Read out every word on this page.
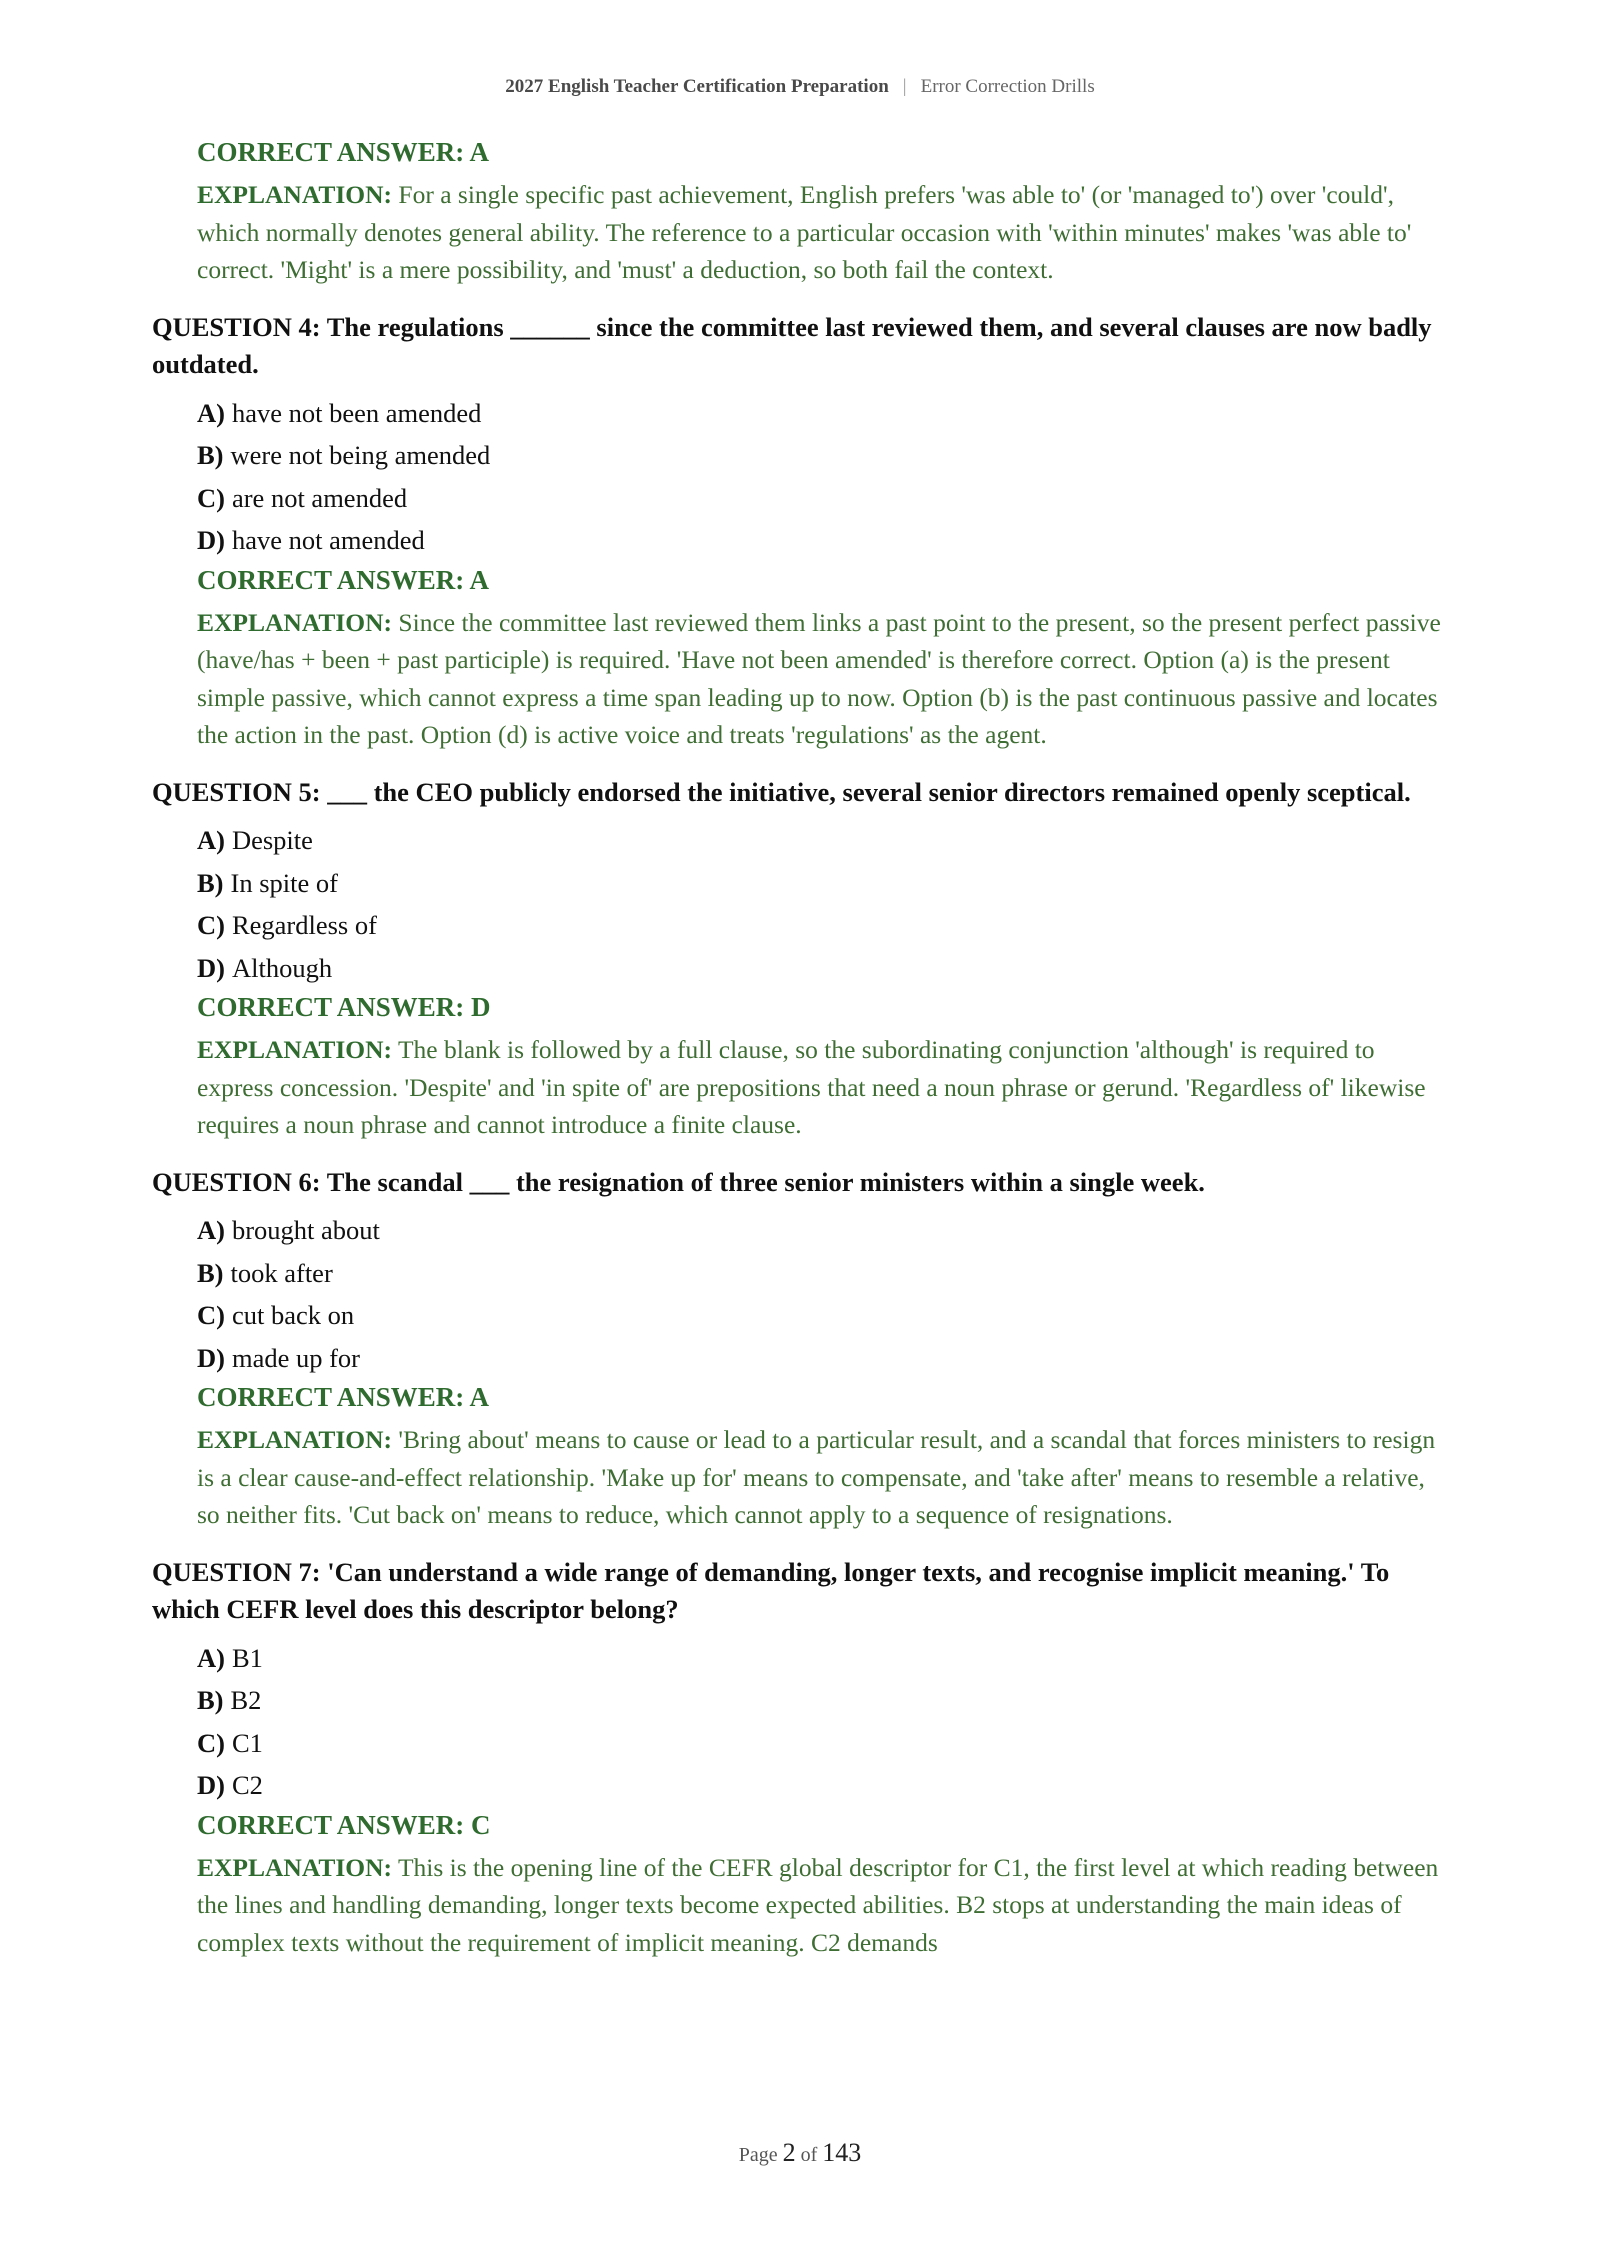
2027 English Teacher Certification Preparation | Error Correction Drills
CORRECT ANSWER: A
EXPLANATION: For a single specific past achievement, English prefers 'was able to' (or 'managed to') over 'could', which normally denotes general ability. The reference to a particular occasion with 'within minutes' makes 'was able to' correct. 'Might' is a mere possibility, and 'must' a deduction, so both fail the context.
QUESTION 4: The regulations ______ since the committee last reviewed them, and several clauses are now badly outdated.
A) have not been amended
B) were not being amended
C) are not amended
D) have not amended
CORRECT ANSWER: A
EXPLANATION: Since the committee last reviewed them links a past point to the present, so the present perfect passive (have/has + been + past participle) is required. 'Have not been amended' is therefore correct. Option (a) is the present simple passive, which cannot express a time span leading up to now. Option (b) is the past continuous passive and locates the action in the past. Option (d) is active voice and treats 'regulations' as the agent.
QUESTION 5: ___ the CEO publicly endorsed the initiative, several senior directors remained openly sceptical.
A) Despite
B) In spite of
C) Regardless of
D) Although
CORRECT ANSWER: D
EXPLANATION: The blank is followed by a full clause, so the subordinating conjunction 'although' is required to express concession. 'Despite' and 'in spite of' are prepositions that need a noun phrase or gerund. 'Regardless of' likewise requires a noun phrase and cannot introduce a finite clause.
QUESTION 6: The scandal ___ the resignation of three senior ministers within a single week.
A) brought about
B) took after
C) cut back on
D) made up for
CORRECT ANSWER: A
EXPLANATION: 'Bring about' means to cause or lead to a particular result, and a scandal that forces ministers to resign is a clear cause-and-effect relationship. 'Make up for' means to compensate, and 'take after' means to resemble a relative, so neither fits. 'Cut back on' means to reduce, which cannot apply to a sequence of resignations.
QUESTION 7: 'Can understand a wide range of demanding, longer texts, and recognise implicit meaning.' To which CEFR level does this descriptor belong?
A) B1
B) B2
C) C1
D) C2
CORRECT ANSWER: C
EXPLANATION: This is the opening line of the CEFR global descriptor for C1, the first level at which reading between the lines and handling demanding, longer texts become expected abilities. B2 stops at understanding the main ideas of complex texts without the requirement of implicit meaning. C2 demands
Page 2 of 143
